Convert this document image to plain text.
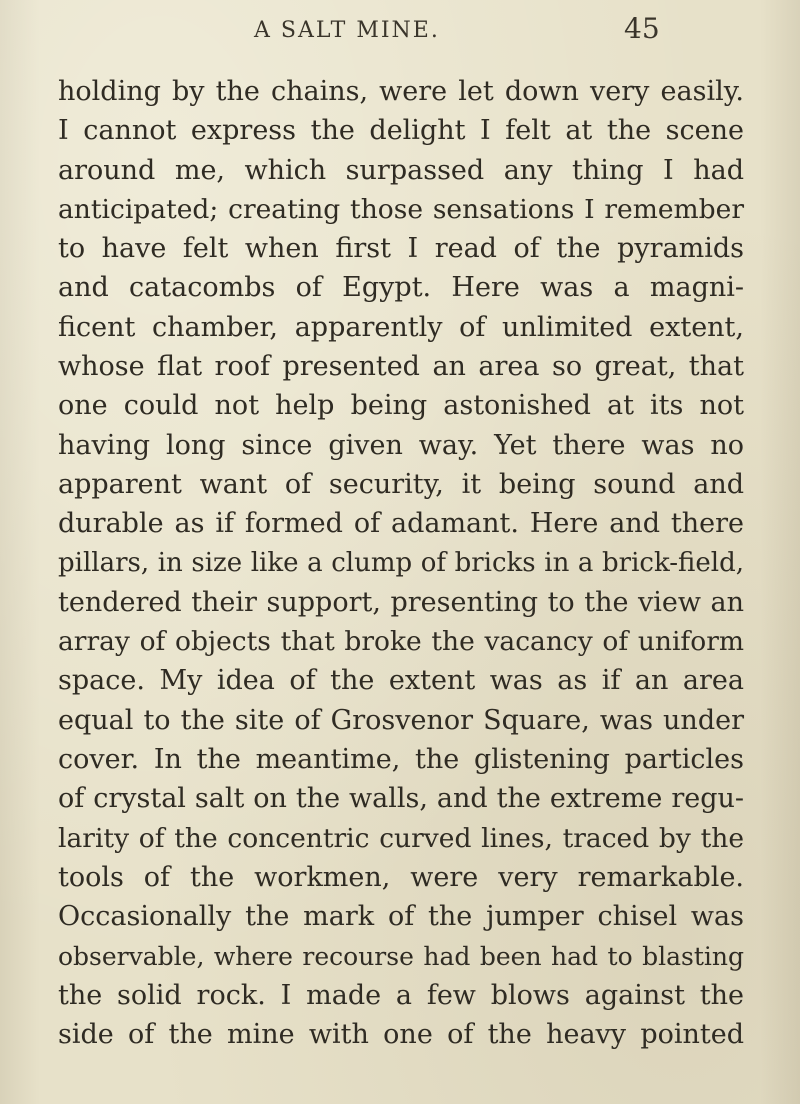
A SALT MINE.	45
holding by the chains, were let down very easily.
I cannot express the delight I felt at the scene
around me, which surpassed any thing I had
anticipated; creating those sensations I remember
to have felt when first I read of the pyramids
and catacombs of Egypt. Here was a magni-
ficent chamber, apparently of unlimited extent,
whose flat roof presented an area so great, that
one could not help being astonished at its not
having long since given way. Yet there was no
apparent want of security, it being sound and
durable as if formed of adamant. Here and there
pillars, in size like a clump of bricks in a brick-field,
tendered their support, presenting to the view an
array of objects that broke the vacancy of uniform
space. My idea of the extent was as if an area
equal to the site of Grosvenor Square, was under
cover. In the meantime, the glistening particles
of crystal salt on the walls, and the extreme regu-
larity of the concentric curved lines, traced by the
tools of the workmen, were very remarkable.
Occasionally the mark of the jumper chisel was
observable, where recourse had been had to blasting
the solid rock. I made a few blows against the
side of the mine with one of the heavy pointed
